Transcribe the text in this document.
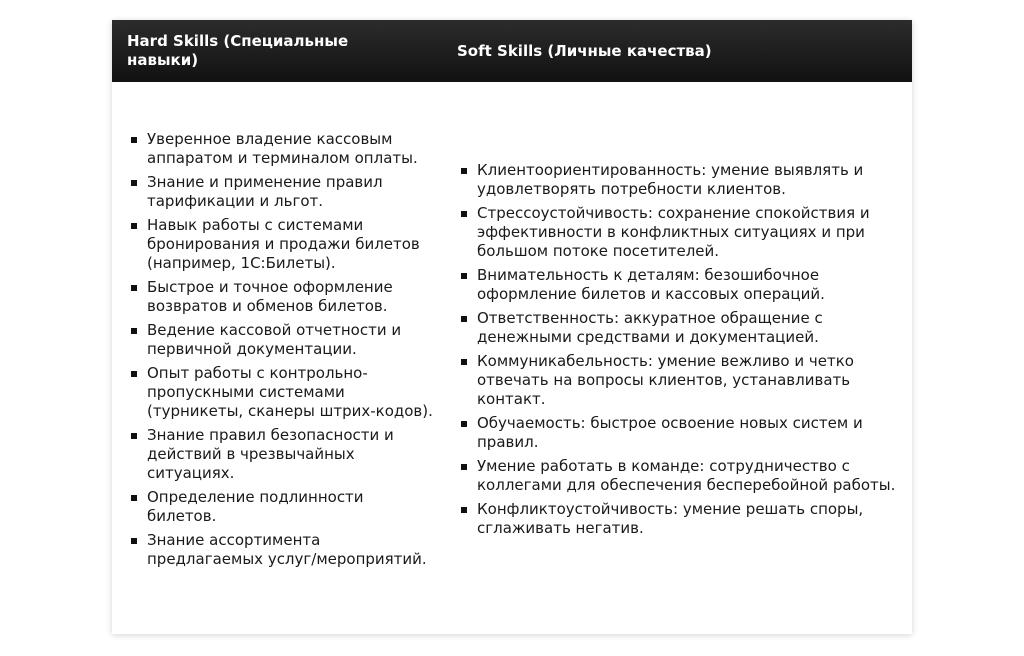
Hard Skills (Специальные навыки)
Soft Skills (Личные качества)
Уверенное владение кассовым аппаратом и терминалом оплаты.
Знание и применение правил тарификации и льгот.
Навык работы с системами бронирования и продажи билетов (например, 1С:Билеты).
Быстрое и точное оформление возвратов и обменов билетов.
Ведение кассовой отчетности и первичной документации.
Опыт работы с контрольно-пропускными системами (турникеты, сканеры штрих-кодов).
Знание правил безопасности и действий в чрезвычайных ситуациях.
Определение подлинности билетов.
Знание ассортимента предлагаемых услуг/мероприятий.
Клиентоориентированность: умение выявлять и удовлетворять потребности клиентов.
Стрессоустойчивость: сохранение спокойствия и эффективности в конфликтных ситуациях и при большом потоке посетителей.
Внимательность к деталям: безошибочное оформление билетов и кассовых операций.
Ответственность: аккуратное обращение с денежными средствами и документацией.
Коммуникабельность: умение вежливо и четко отвечать на вопросы клиентов, устанавливать контакт.
Обучаемость: быстрое освоение новых систем и правил.
Умение работать в команде: сотрудничество с коллегами для обеспечения бесперебойной работы.
Конфликтоустойчивость: умение решать споры, сглаживать негатив.
